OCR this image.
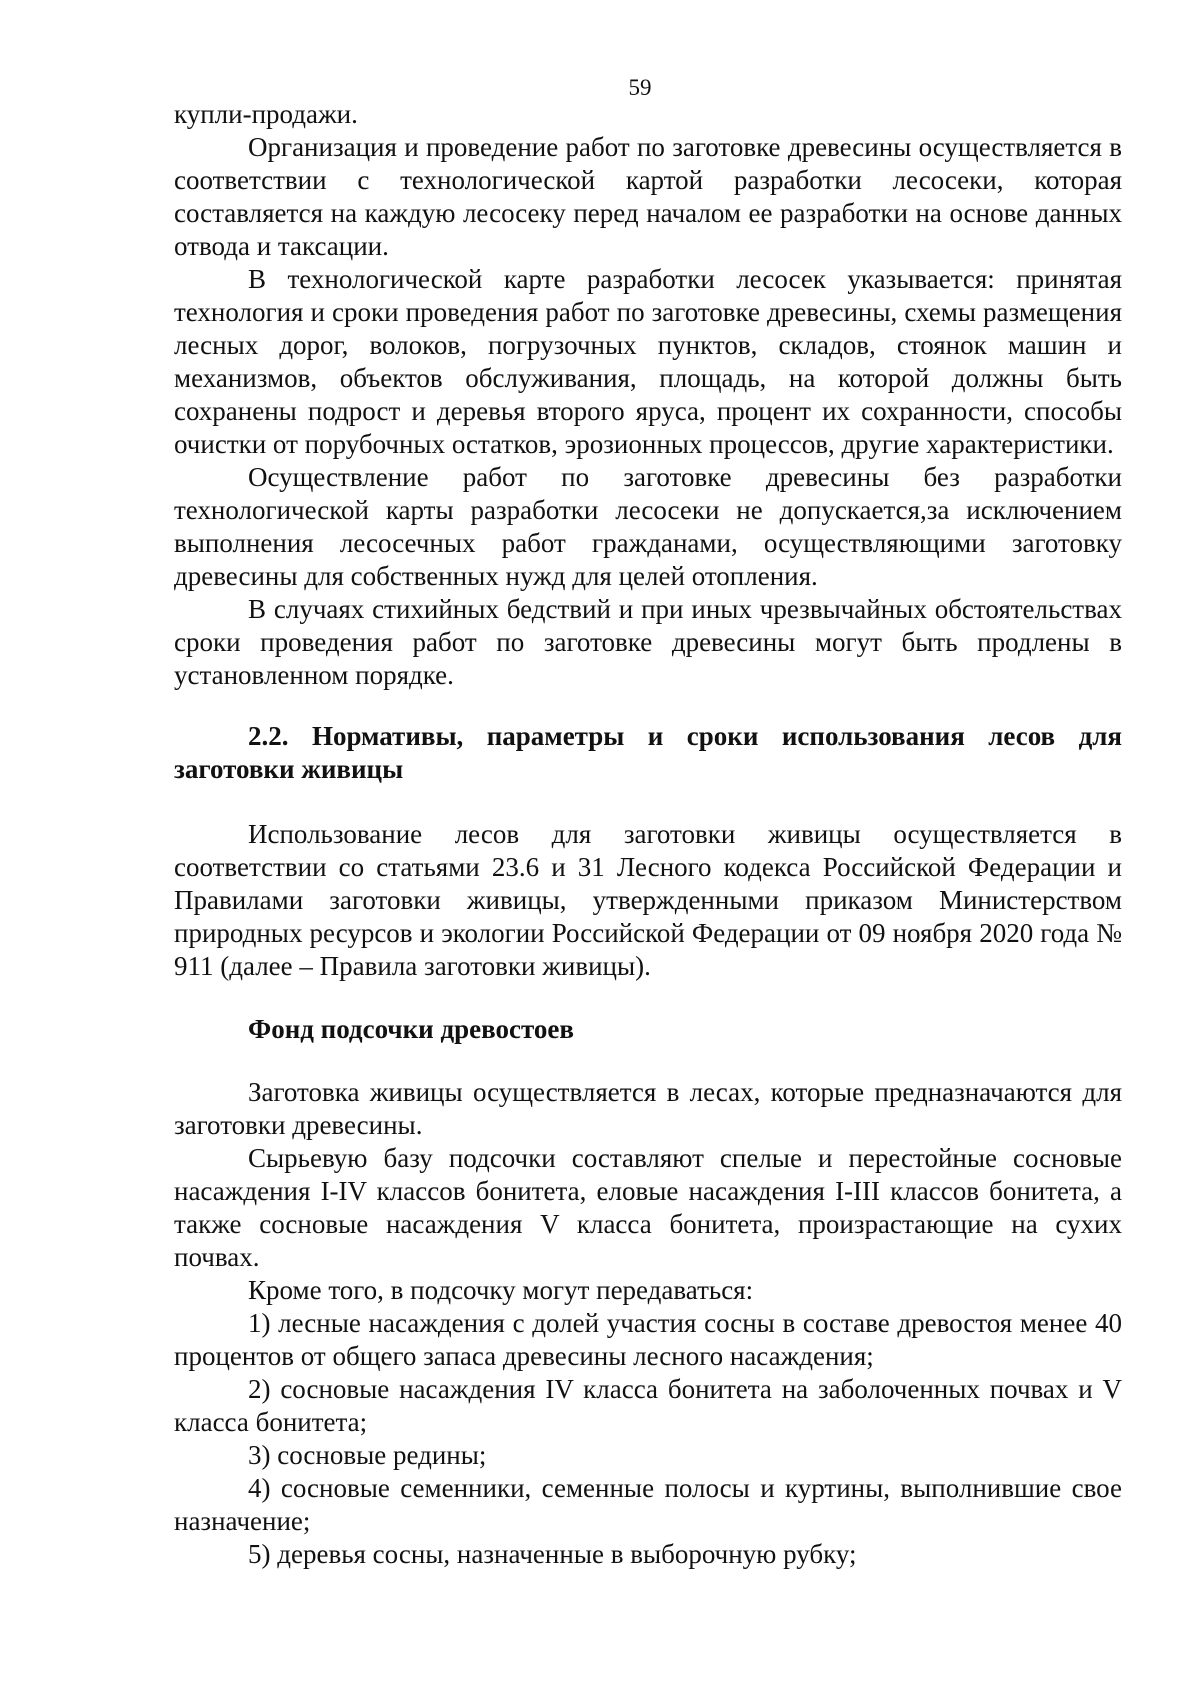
59

купли-продажи.

Организация и проведение работ по заготовке древесины осуществляется в соответствии с технологической картой разработки лесосеки, которая составляется на каждую лесосеку перед началом ее разработки на основе данных отвода и таксации.

В технологической карте разработки лесосек указывается: принятая технология и сроки проведения работ по заготовке древесины, схемы размещения лесных дорог, волоков, погрузочных пунктов, складов, стоянок машин и механизмов, объектов обслуживания, площадь, на которой должны быть сохранены подрост и деревья второго яруса, процент их сохранности, способы очистки от порубочных остатков, эрозионных процессов, другие характеристики.

Осуществление работ по заготовке древесины без разработки технологической карты разработки лесосеки не допускается,за исключением выполнения лесосечных работ гражданами, осуществляющими заготовку древесины для собственных нужд для целей отопления.

В случаях стихийных бедствий и при иных чрезвычайных обстоятельствах сроки проведения работ по заготовке древесины могут быть продлены в установленном порядке.

2.2. Нормативы, параметры и сроки использования лесов для заготовки живицы

Использование лесов для заготовки живицы осуществляется в соответствии со статьями 23.6 и 31 Лесного кодекса Российской Федерации и Правилами заготовки живицы, утвержденными приказом Министерством природных ресурсов и экологии Российской Федерации от 09 ноября 2020 года № 911 (далее – Правила заготовки живицы).

Фонд подсочки древостоев

Заготовка живицы осуществляется в лесах, которые предназначаются для заготовки древесины.

Сырьевую базу подсочки составляют спелые и перестойные сосновые насаждения I-IV классов бонитета, еловые насаждения I-III классов бонитета, а также сосновые насаждения V класса бонитета, произрастающие на сухих почвах.

Кроме того, в подсочку могут передаваться:

1) лесные насаждения с долей участия сосны в составе древостоя менее 40 процентов от общего запаса древесины лесного насаждения;

2) сосновые насаждения IV класса бонитета на заболоченных почвах и V класса бонитета;

3) сосновые редины;

4) сосновые семенники, семенные полосы и куртины, выполнившие свое назначение;

5) деревья сосны, назначенные в выборочную рубку;
